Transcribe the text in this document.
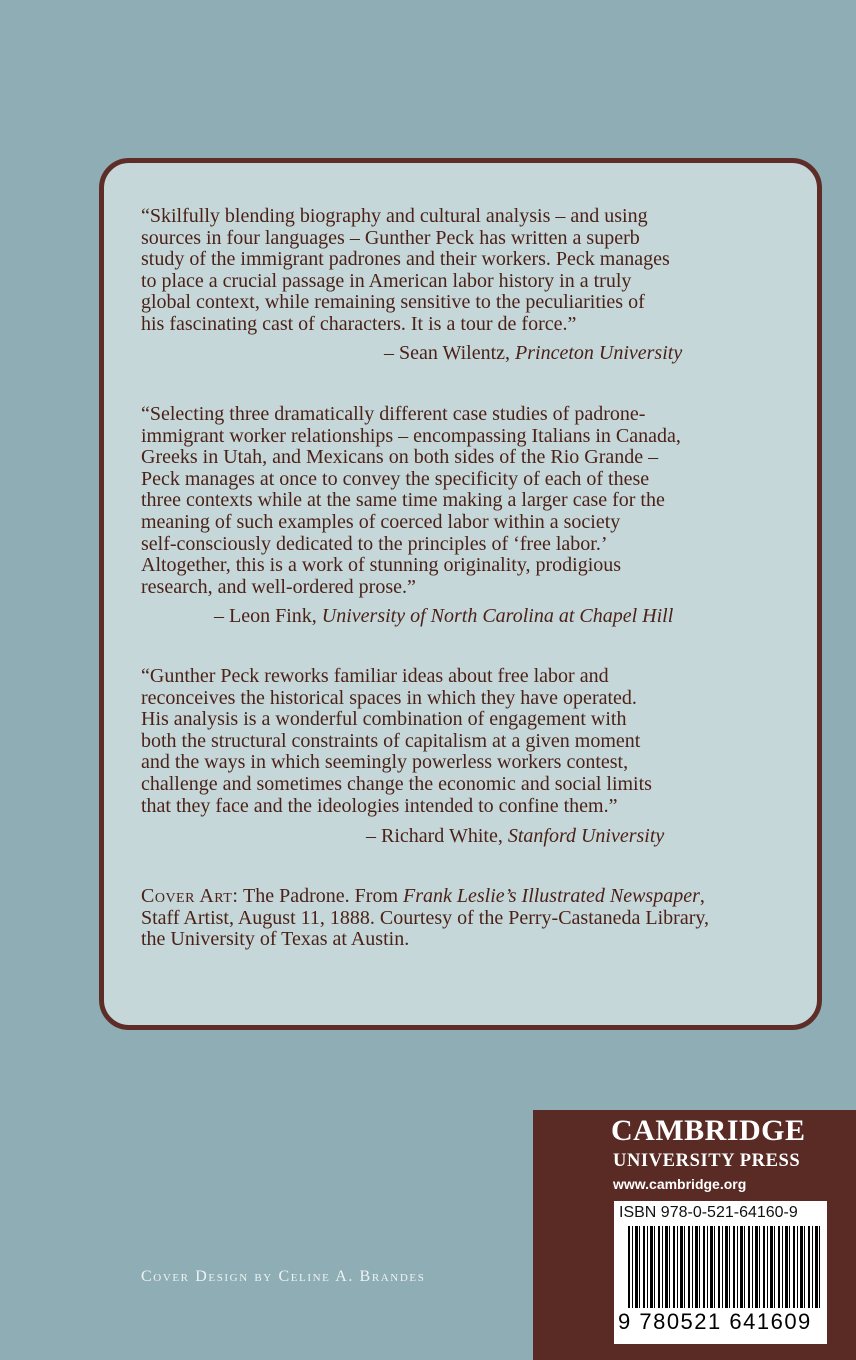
“Skilfully blending biography and cultural analysis – and using

sources in four languages – Gunther Peck has written a superb

study of the immigrant padrones and their workers. Peck manages

to place a crucial passage in American labor history in a truly

global context, while remaining sensitive to the peculiarities of

his fascinating cast of characters. It is a tour de force.”

– Sean Wilentz, Princeton University

“Selecting three dramatically different case studies of padrone-

immigrant worker relationships – encompassing Italians in Canada,

Greeks in Utah, and Mexicans on both sides of the Rio Grande –

Peck manages at once to convey the specificity of each of these

three contexts while at the same time making a larger case for the

meaning of such examples of coerced labor within a society

self-consciously dedicated to the principles of ‘free labor.’

Altogether, this is a work of stunning originality, prodigious

research, and well-ordered prose.”

– Leon Fink, University of North Carolina at Chapel Hill

“Gunther Peck reworks familiar ideas about free labor and

reconceives the historical spaces in which they have operated.

His analysis is a wonderful combination of engagement with

both the structural constraints of capitalism at a given moment

and the ways in which seemingly powerless workers contest,

challenge and sometimes change the economic and social limits

that they face and the ideologies intended to confine them.”

– Richard White, Stanford University

Cover Art: The Padrone. From Frank Leslie’s Illustrated Newspaper,

Staff Artist, August 11, 1888. Courtesy of the Perry-Castaneda Library,

the University of Texas at Austin.

Cover Design by Celine A. Brandes
CAMBRIDGE
UNIVERSITY PRESS
www.cambridge.org
ISBN 978-0-521-64160-9
9 780521 641609
